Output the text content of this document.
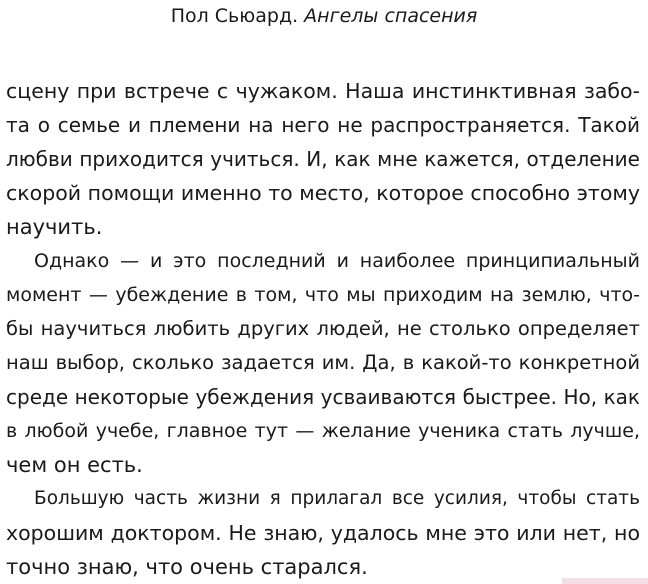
Пол Сьюард. Ангелы спасения
сцену при встрече с чужаком. Наша инстинктивная забо-
та о семье и племени на него не распространяется. Такой
любви приходится учиться. И, как мне кажется, отделение
скорой помощи именно то место, которое способно этому
научить.
Однако — и это последний и наиболее принципиальный
момент — убеждение в том, что мы приходим на землю, что-
бы научиться любить других людей, не столько определяет
наш выбор, сколько задается им. Да, в какой-то конкретной
среде некоторые убеждения усваиваются быстрее. Но, как
в любой учебе, главное тут — желание ученика стать лучше,
чем он есть.
Большую часть жизни я прилагал все усилия, чтобы стать
хорошим доктором. Не знаю, удалось мне это или нет, но
точно знаю, что очень старался.
